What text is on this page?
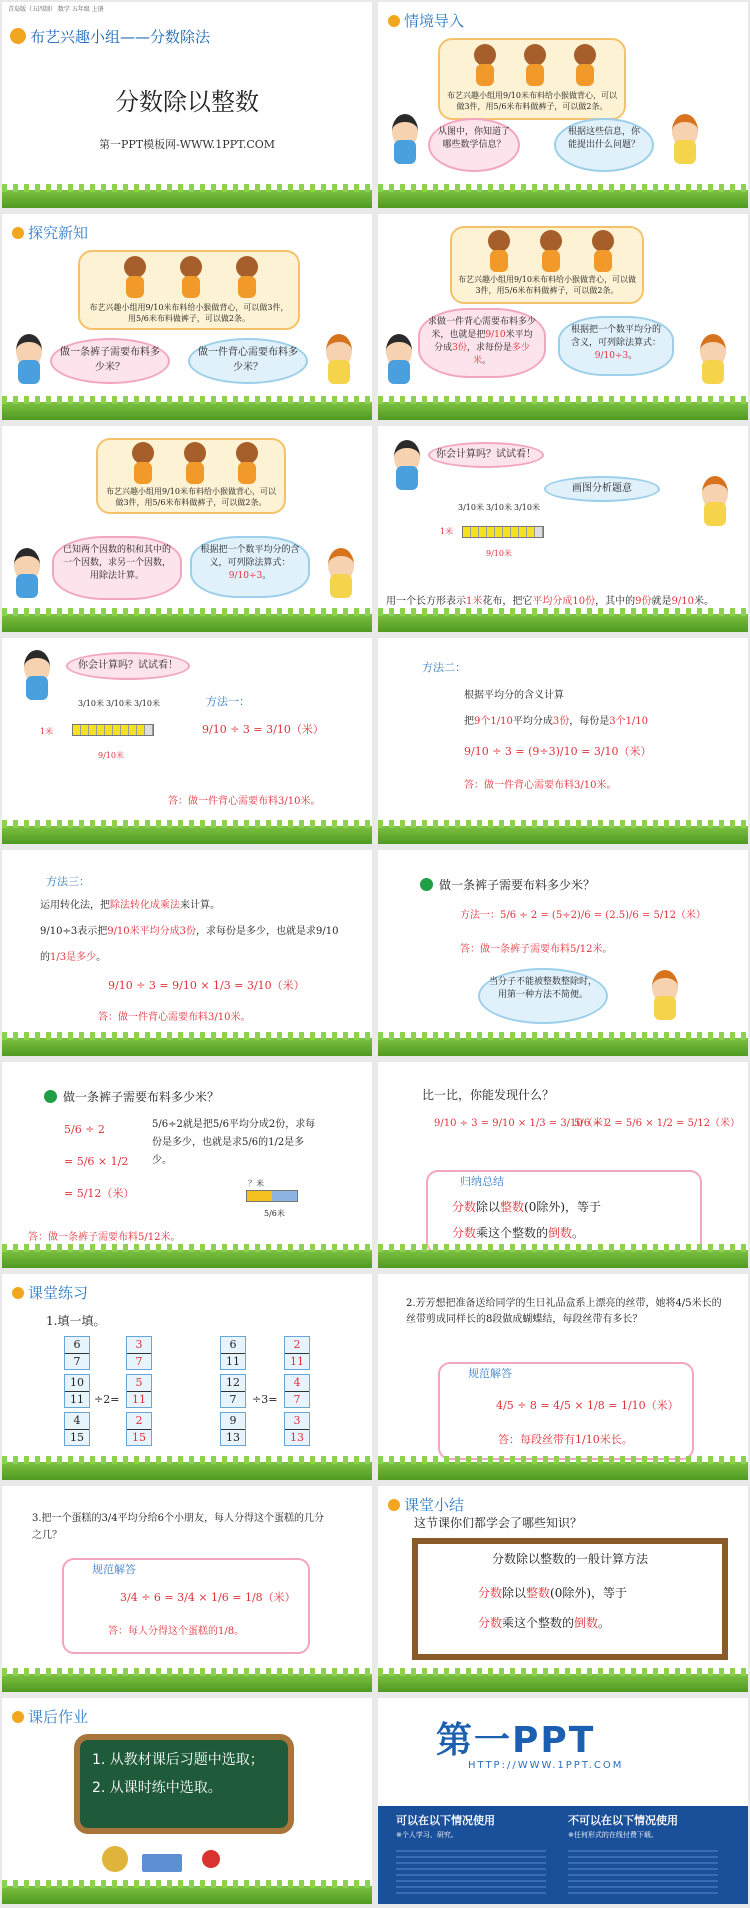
青岛版（五四制） 数学 五年级 上册
布艺兴趣小组——分数除法
分数除以整数
第一PPT模板网-WWW.1PPT.COM
情境导入
布艺兴趣小组用9/10米布料给小猴做背心，可以做3件，用5/6米布料做裤子，可以做2条。
从图中，你知道了哪些数学信息？
根据这些信息，你能提出什么问题？
探究新知
布艺兴趣小组用9/10米布料给小猴做背心，可以做3件，用5/6米布料做裤子，可以做2条。
做一条裤子需要布料多少米？
做一件背心需要布料多少米？
布艺兴趣小组用9/10米布料给小猴做背心，可以做3件，用5/6米布料做裤子，可以做2条。
求做一件背心需要布料多少米，也就是把9/10米平均分成3份，求每份是多少米。
根据把一个数平均分的含义，可列除法算式：9/10÷3。
布艺兴趣小组用9/10米布料给小猴做背心，可以做3件，用5/6米布料做裤子，可以做2条。
已知两个因数的积和其中的一个因数，求另一个因数，用除法计算。
根据把一个数平均分的含义，可列除法算式：9/10÷3。
你会计算吗？试试看！
画图分析题意
3/10米 3/10米 3/10米
1米
9/10米
用一个长方形表示1米花布，把它平均分成10份，其中的9份就是9/10米。
你会计算吗？试试看！
3/10米 3/10米 3/10米
1米
9/10米
方法一：
9/10 ÷ 3 = 3/10（米）
答：做一件背心需要布料3/10米。
方法二：
根据平均分的含义计算
把9个1/10平均分成3份，每份是3个1/10
9/10 ÷ 3 = (9÷3)/10 = 3/10（米）
答：做一件背心需要布料3/10米。
方法三：
运用转化法，把除法转化成乘法来计算。
9/10÷3表示把9/10米平均分成3份，求每份是多少，也就是求9/10
的1/3是多少。
9/10 ÷ 3 = 9/10 × 1/3 = 3/10（米）
答：做一件背心需要布料3/10米。
做一条裤子需要布料多少米？
方法一：5/6 ÷ 2 = (5÷2)/6 = (2.5)/6 = 5/12（米）
答：做一条裤子需要布料5/12米。
当分子不能被整数整除时，用第一种方法不简便。
做一条裤子需要布料多少米？
5/6 ÷ 2
= 5/6 × 1/2
= 5/12（米）
5/6÷2就是把5/6平均分成2份，求每份是多少，也就是求5/6的1/2是多少。
？米
5/6米
答：做一条裤子需要布料5/12米。
比一比，你能发现什么？
9/10 ÷ 3 = 9/10 × 1/3 = 3/10（米）
5/6 ÷ 2 = 5/6 × 1/2 = 5/12（米）
归纳总结
分数除以整数(0除外)，等于
分数乘这个整数的倒数。
课堂练习
1.填一填。
÷2=	÷3=
6
7
10
11
4
15
3
7
5
11
2
15
6
11
12
7
9
13
2
11
4
7
3
13
2.芳芳想把准备送给同学的生日礼品盒系上漂亮的丝带，她将4/5米长的丝带剪成同样长的8段做成蝴蝶结，每段丝带有多长？
规范解答
4/5 ÷ 8 = 4/5 × 1/8 = 1/10（米）
答：每段丝带有1/10米长。
3.把一个蛋糕的3/4平均分给6个小朋友，每人分得这个蛋糕的几分之几？
规范解答
3/4 ÷ 6 = 3/4 × 1/6 = 1/8（米）
答：每人分得这个蛋糕的1/8。
课堂小结
这节课你们都学会了哪些知识？
分数除以整数的一般计算方法
分数除以整数(0除外)，等于
分数乘这个整数的倒数。
课后作业
1. 从教材课后习题中选取；
2. 从课时练中选取。
第一PPT
HTTP://WWW.1PPT.COM
可以在以下情况使用
※个人学习、研究。
不可以在以下情况使用
※任何形式的在线付费下载。
